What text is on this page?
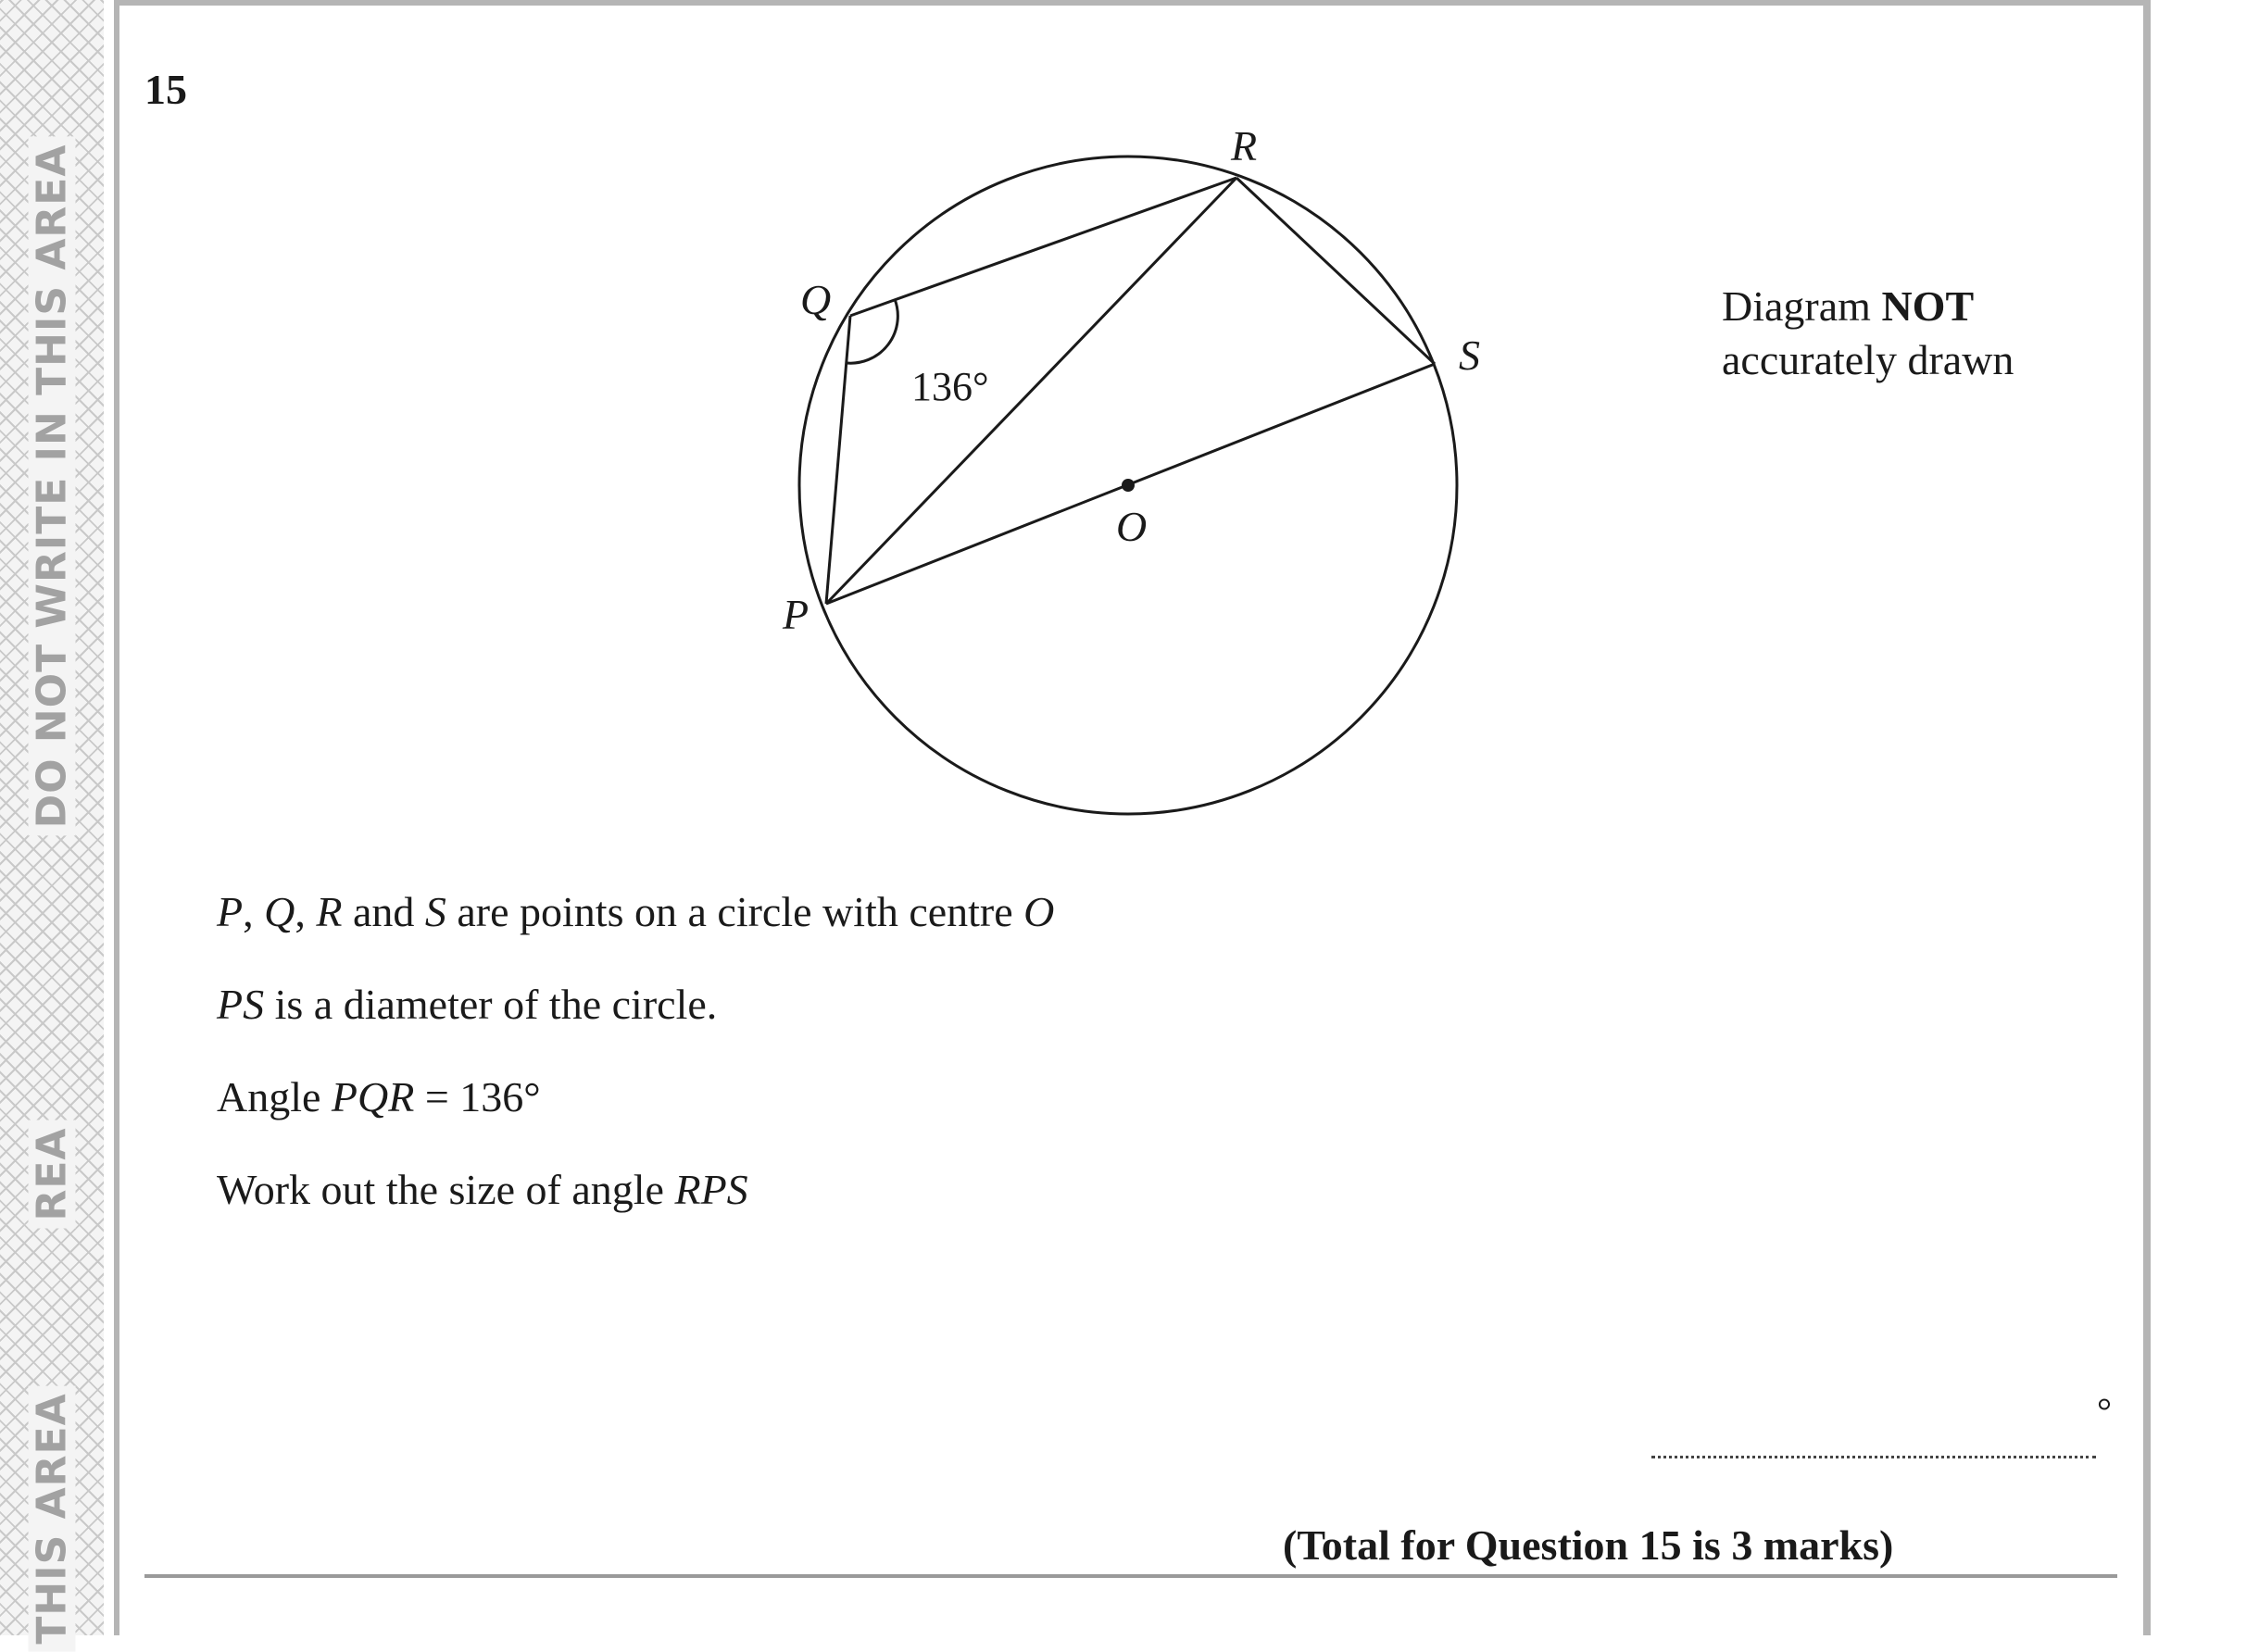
DO NOT WRITE IN THIS AREA
REA
THIS AREA
15
R
Q
S
O
P
136°
Diagram NOT
accurately drawn
P, Q, R and S are points on a circle with centre O
PS is a diameter of the circle.
Angle PQR = 136°
Work out the size of angle RPS
°
(Total for Question 15 is 3 marks)
